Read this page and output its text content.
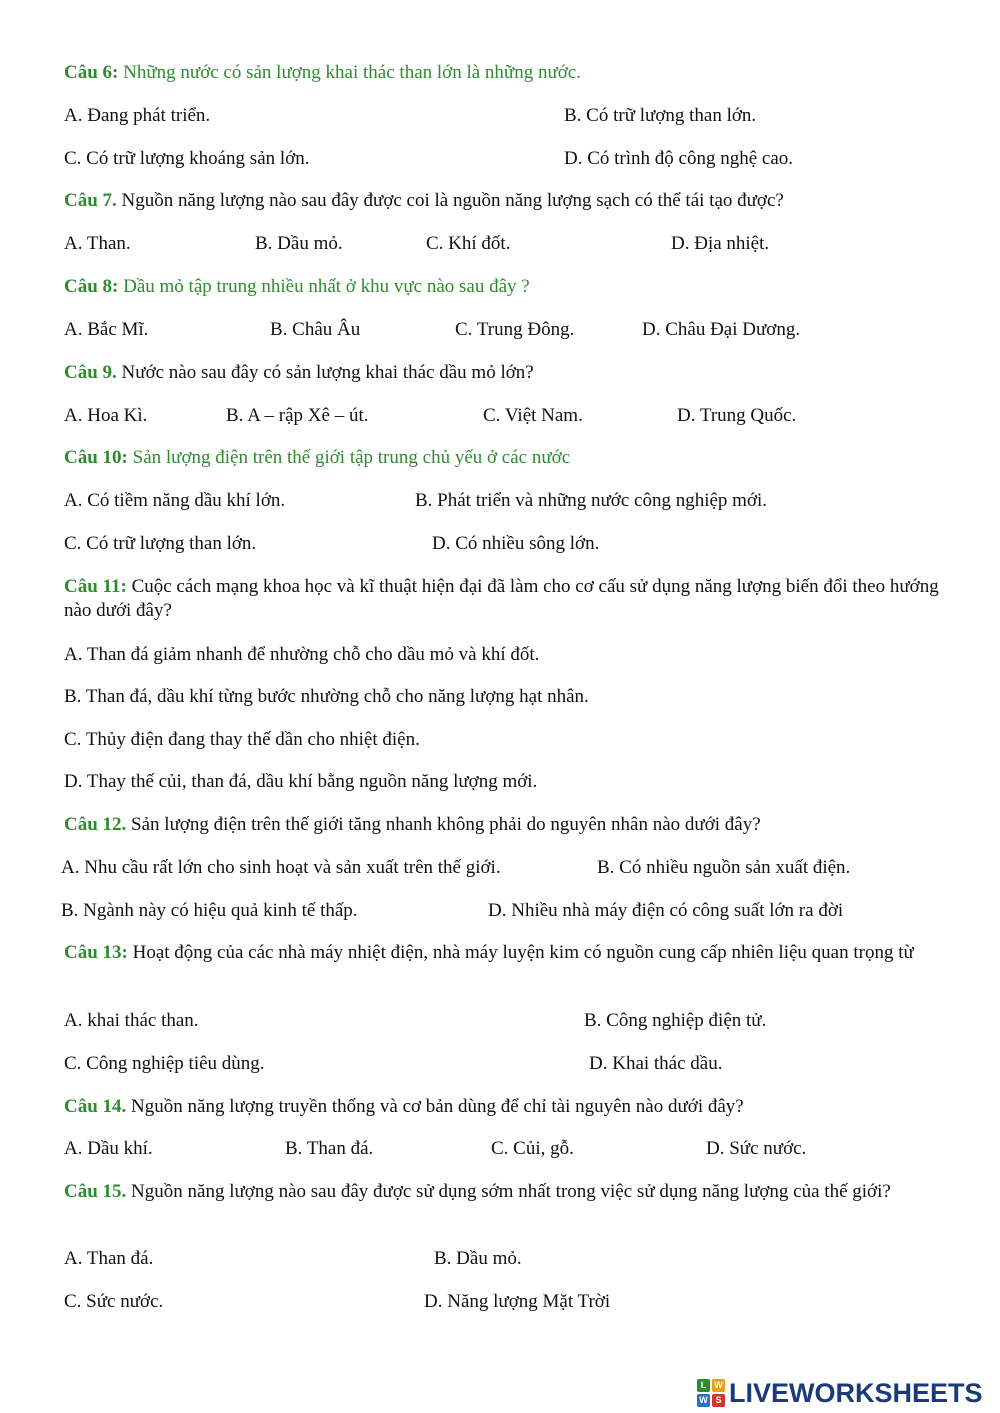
Câu 6: Những nước có sản lượng khai thác than lớn là những nước.
A. Đang phát triển.	B. Có trữ lượng than lớn.
C. Có trữ lượng khoáng sản lớn.	D. Có trình độ công nghệ cao.
Câu 7. Nguồn năng lượng nào sau đây được coi là nguồn năng lượng sạch có thể tái tạo được?
A. Than.	B. Dầu mỏ.	C. Khí đốt.	D. Địa nhiệt.
Câu 8: Dầu mỏ tập trung nhiều nhất ở khu vực nào sau đây ?
A. Bắc Mĩ.	B. Châu Âu	C. Trung Đông.	D. Châu Đại Dương.
Câu 9. Nước nào sau đây có sản lượng khai thác dầu mỏ lớn?
A. Hoa Kì.	B. A – rập Xê – út.	C. Việt Nam.	D. Trung Quốc.
Câu 10: Sản lượng điện trên thế giới tập trung chủ yếu ở các nước
A. Có tiềm năng dầu khí lớn.	B. Phát triển và những nước công nghiệp mới.
C. Có trữ lượng than lớn.	D. Có nhiều sông lớn.
Câu 11: Cuộc cách mạng khoa học và kĩ thuật hiện đại đã làm cho cơ cấu sử dụng năng lượng biến đổi theo hướng nào dưới đây?
A. Than đá giảm nhanh để nhường chỗ cho dầu mỏ và khí đốt.
B. Than đá, dầu khí từng bước nhường chỗ cho năng lượng hạt nhân.
C. Thủy điện đang thay thế dần cho nhiệt điện.
D. Thay thế củi, than đá, dầu khí bằng nguồn năng lượng mới.
Câu 12. Sản lượng điện trên thế giới tăng nhanh không phải do nguyên nhân nào dưới đây?
A. Nhu cầu rất lớn cho sinh hoạt và sản xuất trên thế giới.	B. Có nhiều nguồn sản xuất điện.
B. Ngành này có hiệu quả kinh tế thấp.	D. Nhiều nhà máy điện có công suất lớn ra đời
Câu 13: Hoạt động của các nhà máy nhiệt điện, nhà máy luyện kim có nguồn cung cấp nhiên liệu quan trọng từ
A. khai thác than.	B. Công nghiệp điện tử.
C. Công nghiệp tiêu dùng.	D. Khai thác dầu.
Câu 14. Nguồn năng lượng truyền thống và cơ bản dùng để chỉ tài nguyên nào dưới đây?
A. Dầu khí.	B. Than đá.	C. Củi, gỗ.	D. Sức nước.
Câu 15. Nguồn năng lượng nào sau đây được sử dụng sớm nhất trong việc sử dụng năng lượng của thế giới?
A. Than đá.	B. Dầu mỏ.
C. Sức nước.	D. Năng lượng Mặt Trời
L W
W S LIVEWORKSHEETS
